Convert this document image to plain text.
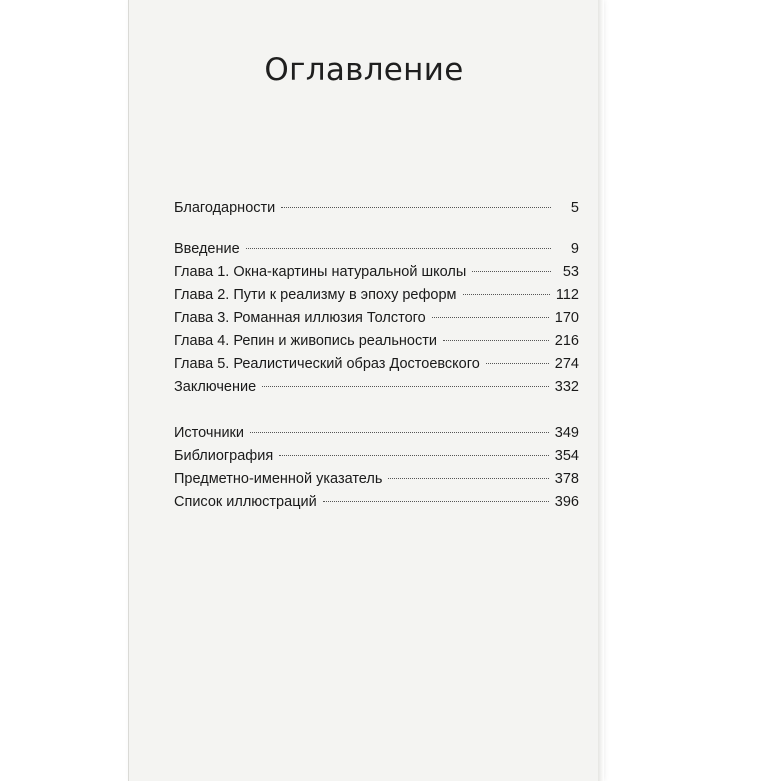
Оглавление
Благодарности	5
Введение	9
Глава 1. Окна-картины натуральной школы	53
Глава 2. Пути к реализму в эпоху реформ	112
Глава 3. Романная иллюзия Толстого	170
Глава 4. Репин и живопись реальности	216
Глава 5. Реалистический образ Достоевского	274
Заключение	332
Источники	349
Библиография	354
Предметно-именной указатель	378
Список иллюстраций	396
